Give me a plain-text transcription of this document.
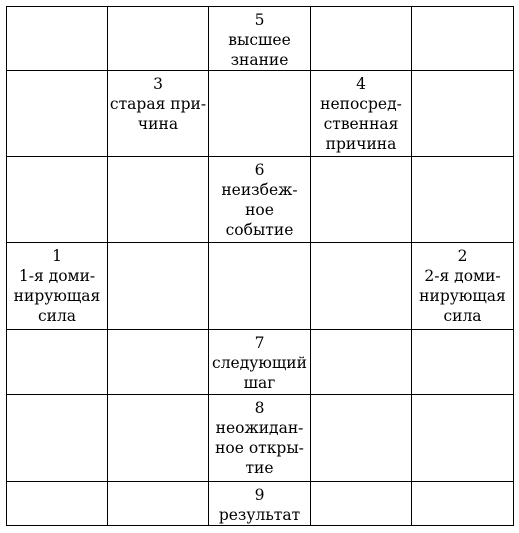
		5
высшее
знание		

	3
старая при-
чина		4
непосред-
ственная
причина	

		6
неизбеж-
ное
событие		

1
1-я доми-
нирующая
сила				2
2-я доми-
нирующая
сила

		7
следующий
шаг		

		8
неожидан-
ное откры-
тие		

		9
результат		
